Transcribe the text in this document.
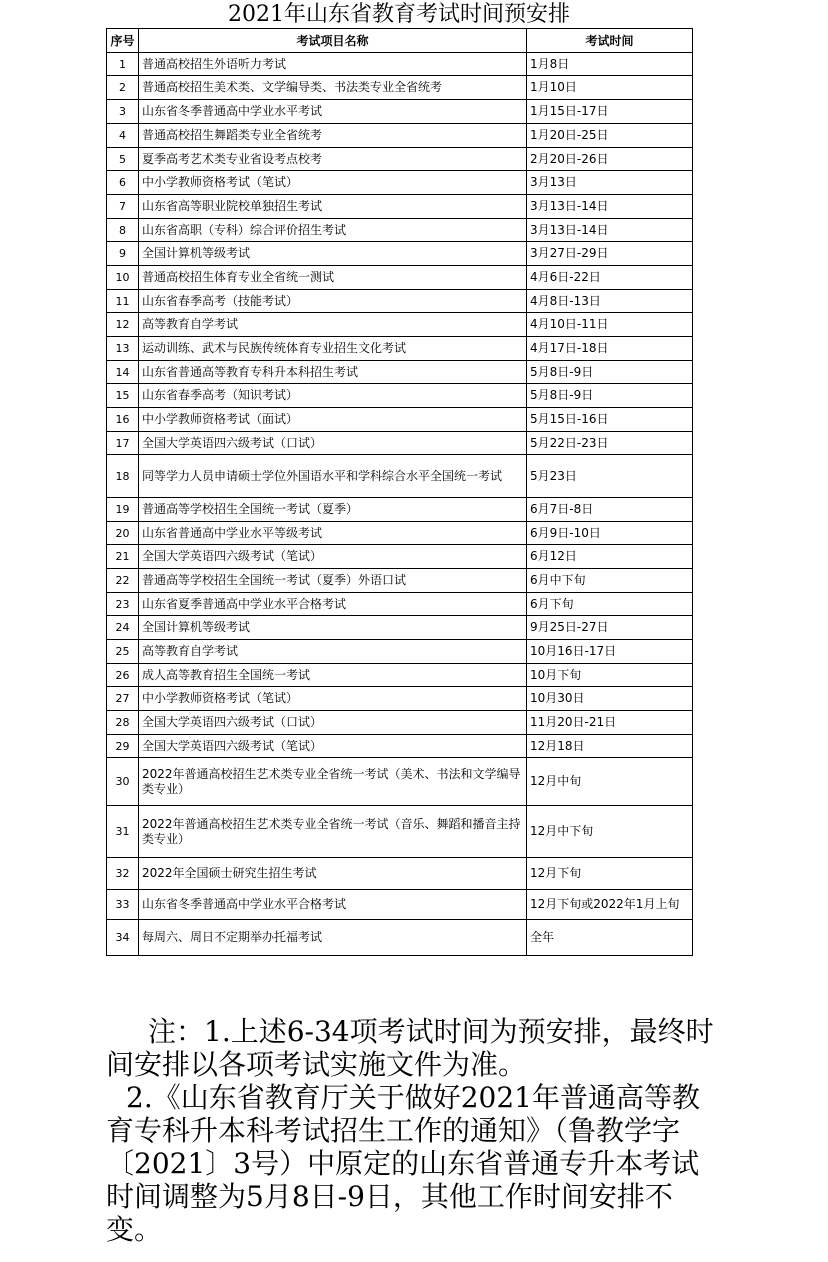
2021年山东省教育考试时间预安排
序号	考试项目名称	考试时间
1	普通高校招生外语听力考试	1月8日
2	普通高校招生美术类、文学编导类、书法类专业全省统考	1月10日
3	山东省冬季普通高中学业水平考试	1月15日-17日
4	普通高校招生舞蹈类专业全省统考	1月20日-25日
5	夏季高考艺术类专业省设考点校考	2月20日-26日
6	中小学教师资格考试（笔试）	3月13日
7	山东省高等职业院校单独招生考试	3月13日-14日
8	山东省高职（专科）综合评价招生考试	3月13日-14日
9	全国计算机等级考试	3月27日-29日
10	普通高校招生体育专业全省统一测试	4月6日-22日
11	山东省春季高考（技能考试）	4月8日-13日
12	高等教育自学考试	4月10日-11日
13	运动训练、武术与民族传统体育专业招生文化考试	4月17日-18日
14	山东省普通高等教育专科升本科招生考试	5月8日-9日
15	山东省春季高考（知识考试）	5月8日-9日
16	中小学教师资格考试（面试）	5月15日-16日
17	全国大学英语四六级考试（口试）	5月22日-23日
18	同等学力人员申请硕士学位外国语水平和学科综合水平全国统一考试	5月23日
19	普通高等学校招生全国统一考试（夏季）	6月7日-8日
20	山东省普通高中学业水平等级考试	6月9日-10日
21	全国大学英语四六级考试（笔试）	6月12日
22	普通高等学校招生全国统一考试（夏季）外语口试	6月中下旬
23	山东省夏季普通高中学业水平合格考试	6月下旬
24	全国计算机等级考试	9月25日-27日
25	高等教育自学考试	10月16日-17日
26	成人高等教育招生全国统一考试	10月下旬
27	中小学教师资格考试（笔试）	10月30日
28	全国大学英语四六级考试（口试）	11月20日-21日
29	全国大学英语四六级考试（笔试）	12月18日
30	2022年普通高校招生艺术类专业全省统一考试（美术、书法和文学编导类专业）	12月中旬
31	2022年普通高校招生艺术类专业全省统一考试（音乐、舞蹈和播音主持类专业）	12月中下旬
32	2022年全国硕士研究生招生考试	12月下旬
33	山东省冬季普通高中学业水平合格考试	12月下旬或2022年1月上旬
34	每周六、周日不定期举办托福考试	全年

注：1.上述6-34项考试时间为预安排，最终时间安排以各项考试实施文件为准。

2.《山东省教育厅关于做好2021年普通高等教育专科升本科考试招生工作的通知》（鲁教学字〔2021〕3号）中原定的山东省普通专升本考试时间调整为5月8日-9日，其他工作时间安排不变。
